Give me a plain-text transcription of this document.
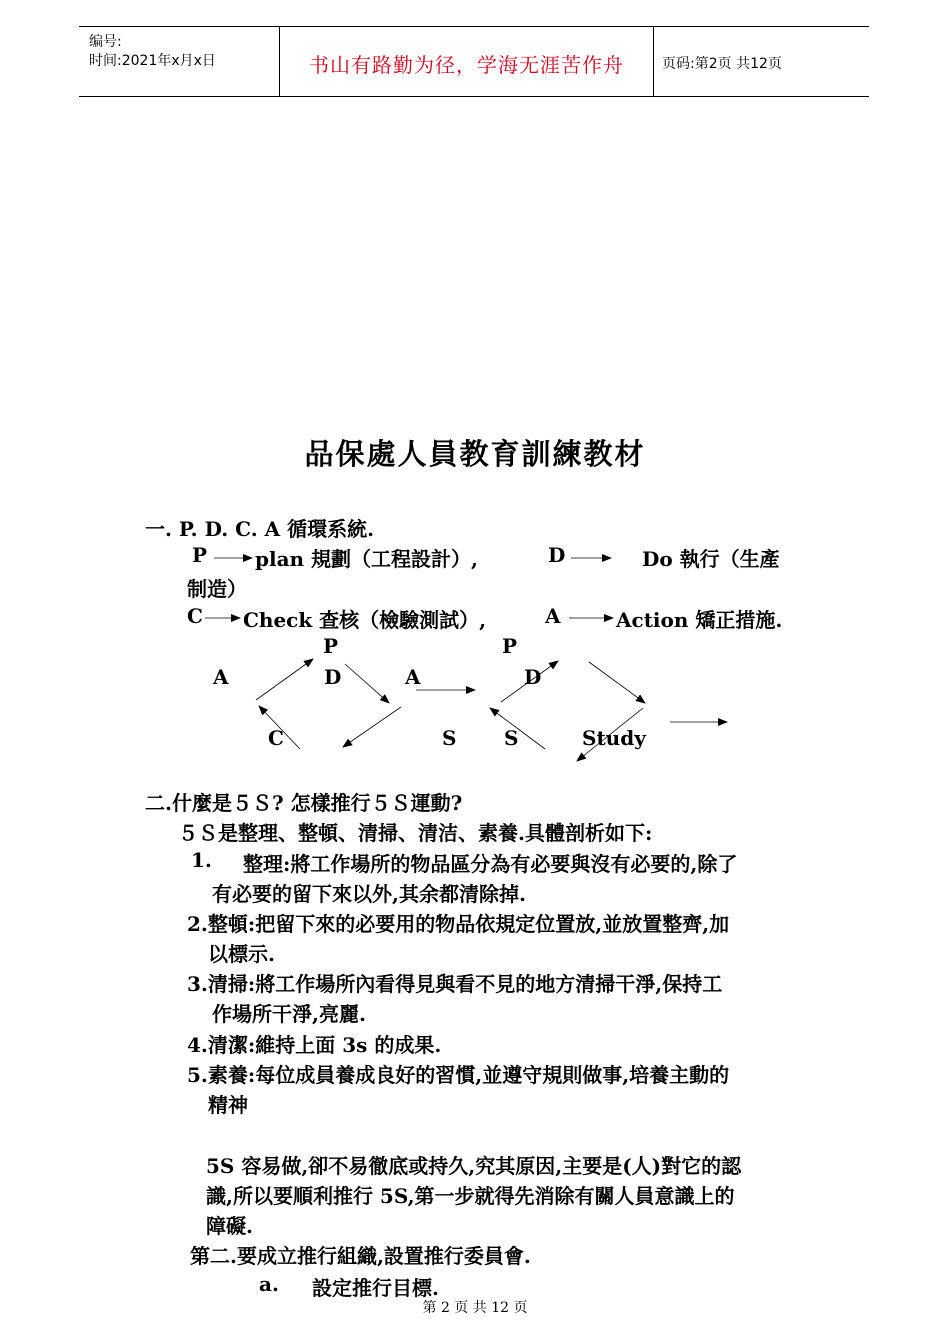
编号:
时间:2021年x月x日	书山有路勤为径，学海无涯苦作舟	页码:第2页 共12页
品保處人員教育訓練教材
一. P. D. C. A 循環系統.
P plan 規劃（工程設計）,	D	Do 執行（生產
制造）
C Check 查核（檢驗測試）,	A	Action 矯正措施.
P
A	D
C
P
A	D
S S	Study
二.什麼是５Ｓ? 怎樣推行５Ｓ運動?
５Ｓ是整理、整頓、清掃、清洁、素養.具體剖析如下:
1. 整理:將工作場所的物品區分為有必要與沒有必要的,除了
有必要的留下來以外,其余都清除掉.
2.整頓:把留下來的必要用的物品依規定位置放,並放置整齊,加
以標示.
3.清掃:將工作場所內看得見與看不見的地方清掃干淨,保持工
作場所干淨,亮麗.
4.清潔:維持上面 3s 的成果.
5.素養:每位成員養成良好的習慣,並遵守規則做事,培養主動的
精神
5S 容易做,卻不易徹底或持久,究其原因,主要是(人)對它的認
識,所以要順利推行 5S,第一步就得先消除有關人員意識上的
障礙.
第二.要成立推行組織,設置推行委員會.
a. 設定推行目標.
第 2 页 共 12 页
